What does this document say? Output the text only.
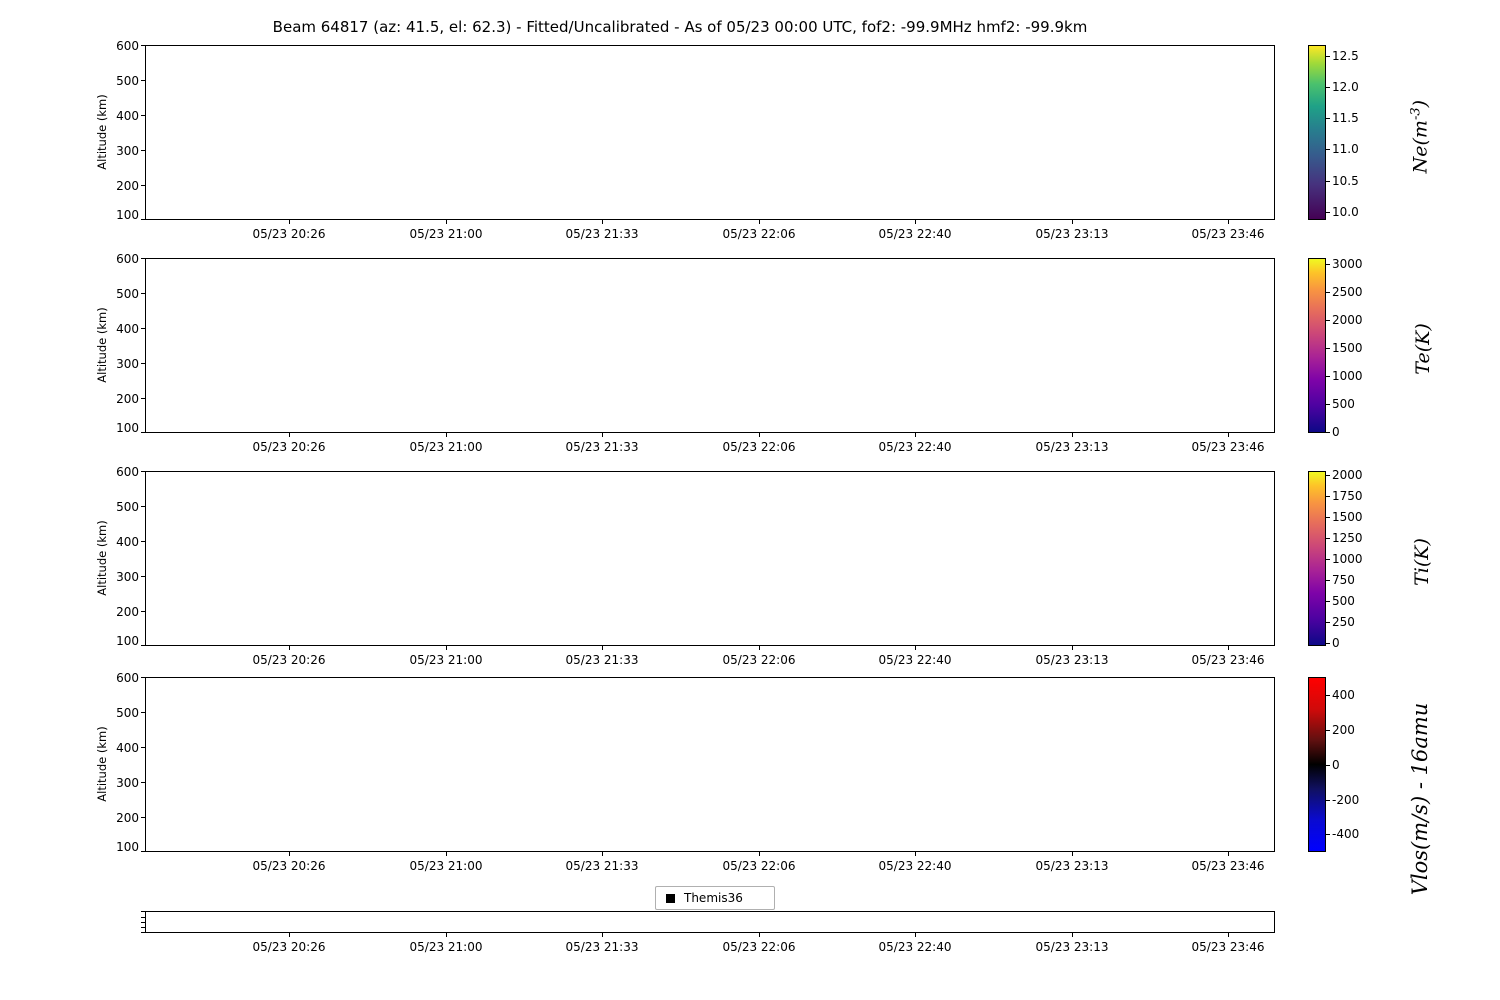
Beam 64817 (az: 41.5, el: 62.3) - Fitted/Uncalibrated - As of 05/23 00:00 UTC, fof2: -99.9MHz hmf2: -99.9km
Altitude (km)
600
500
400
300
200
100
05/23 20:26	05/23 21:00	05/23 21:33	05/23 22:06	05/23 22:40	05/23 23:13	05/23 23:46
Altitude (km)
600
500
400
300
200
100
05/23 20:26	05/23 21:00	05/23 21:33	05/23 22:06	05/23 22:40	05/23 23:13	05/23 23:46
Altitude (km)
600
500
400
300
200
100
05/23 20:26	05/23 21:00	05/23 21:33	05/23 22:06	05/23 22:40	05/23 23:13	05/23 23:46
Altitude (km)
600
500
400
300
200
100
05/23 20:26	05/23 21:00	05/23 21:33	05/23 22:06	05/23 22:40	05/23 23:13	05/23 23:46
Themis36
05/23 20:26	05/23 21:00	05/23 21:33	05/23 22:06	05/23 22:40	05/23 23:13	05/23 23:46
10.0
10.5
11.0
11.5
12.0
12.5
$Ne(m^{-3})$
0
500
1000
1500
2000
2500
3000
Te(K)
0
250
500
750
1000
1250
1500
1750
2000
Ti(K)
-400
-200
0
200
400
Vlos(m/s) - 16amu
